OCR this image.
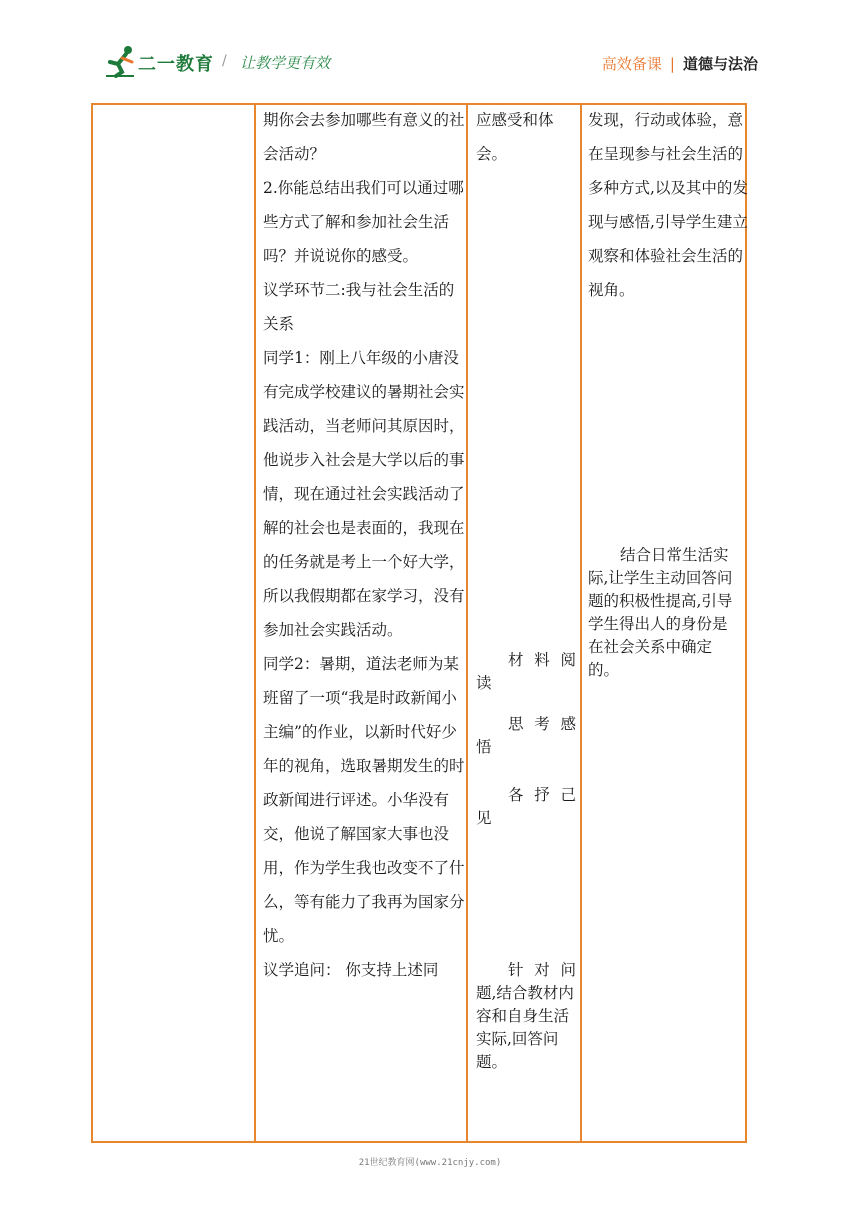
二一教育 / 让教学更有效	高效备课 | 道德与法治

期你会去参加哪些有意义的社会活动？

2.你能总结出我们可以通过哪些方式了解和参加社会生活吗？并说说你的感受。

议学环节二:我与社会生活的关系

同学1：刚上八年级的小唐没有完成学校建议的暑期社会实践活动，当老师问其原因时，他说步入社会是大学以后的事情，现在通过社会实践活动了解的社会也是表面的，我现在的任务就是考上一个好大学，所以我假期都在家学习，没有参加社会实践活动。

同学2：暑期，道法老师为某班留了一项“我是时政新闻小主编”的作业，以新时代好少年的视角，选取暑期发生的时政新闻进行评述。小华没有交，他说了解国家大事也没用，作为学生我也改变不了什么，等有能力了我再为国家分忧。

议学追问： 你支持上述同

应感受和体会。

材料阅

读

思考感

悟

各抒己

见

针对问

题,结合教材内容和自身生活实际,回答问题。

发现，行动或体验，意在呈现参与社会生活的多种方式,以及其中的发现与感悟,引导学生建立观察和体验社会生活的视角。
结合日常生活实际,让学生主动回答问题的积极性提高,引导学生得出人的身份是在社会关系中确定的。
21世纪教育网(www.21cnjy.com)
